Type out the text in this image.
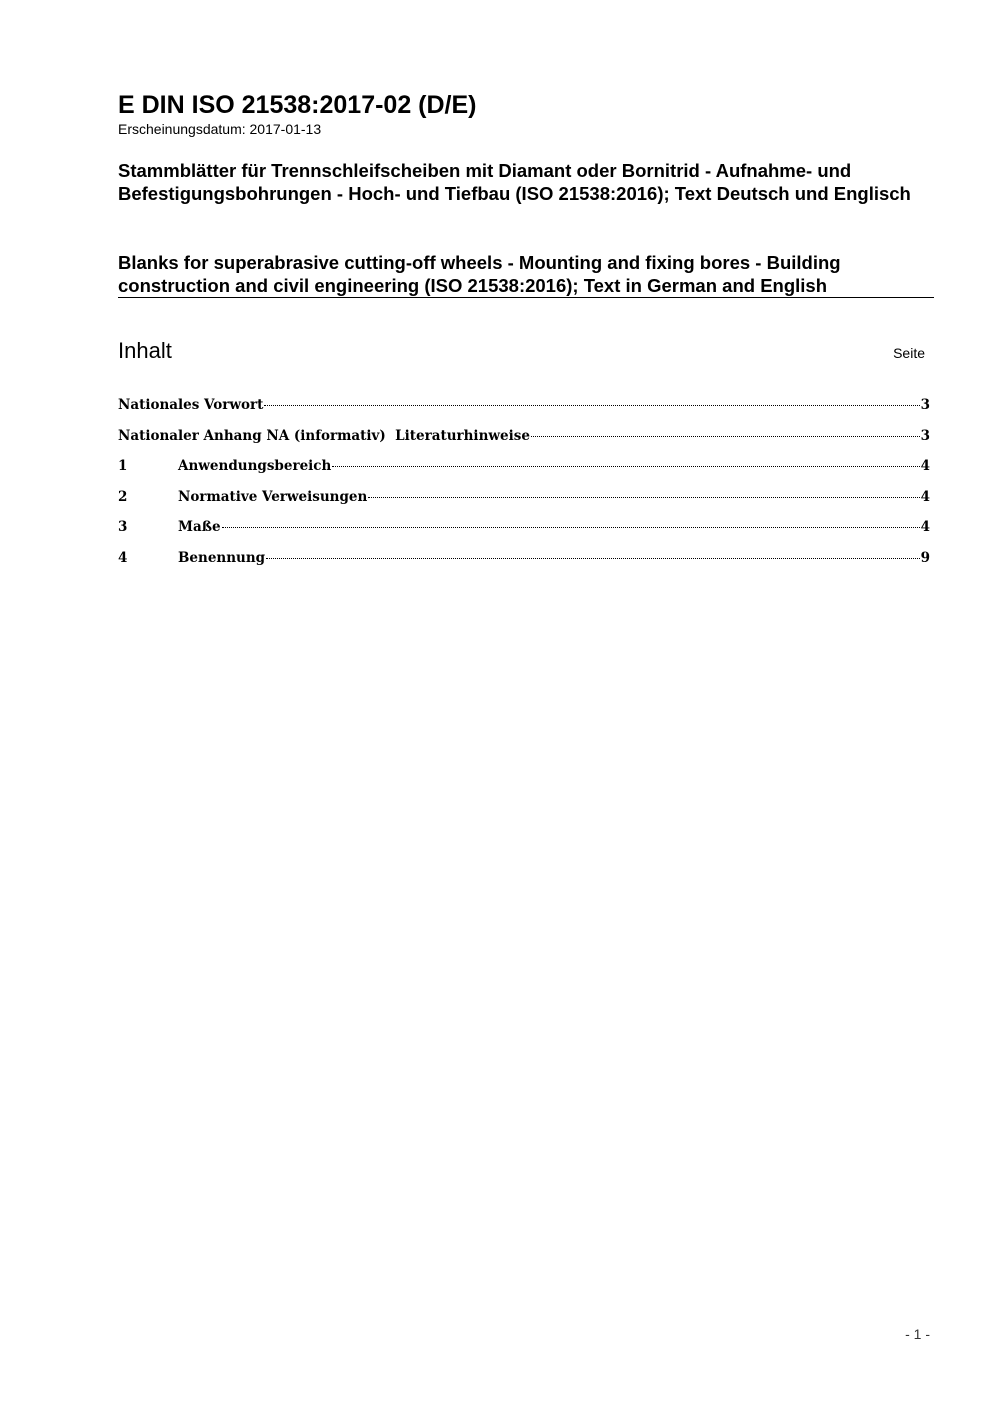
E DIN ISO 21538:2017-02 (D/E)
Erscheinungsdatum: 2017-01-13
Stammblätter für Trennschleifscheiben mit Diamant oder Bornitrid - Aufnahme- und Befestigungsbohrungen - Hoch- und Tiefbau (ISO 21538:2016); Text Deutsch und Englisch
Blanks for superabrasive cutting-off wheels - Mounting and fixing bores - Building construction and civil engineering (ISO 21538:2016); Text in German and English
Inhalt	Seite
Nationales Vorwort	3
Nationaler Anhang NA (informativ)  Literaturhinweise	3
1	Anwendungsbereich	4
2	Normative Verweisungen	4
3	Maße	4
4	Benennung	9
- 1 -
